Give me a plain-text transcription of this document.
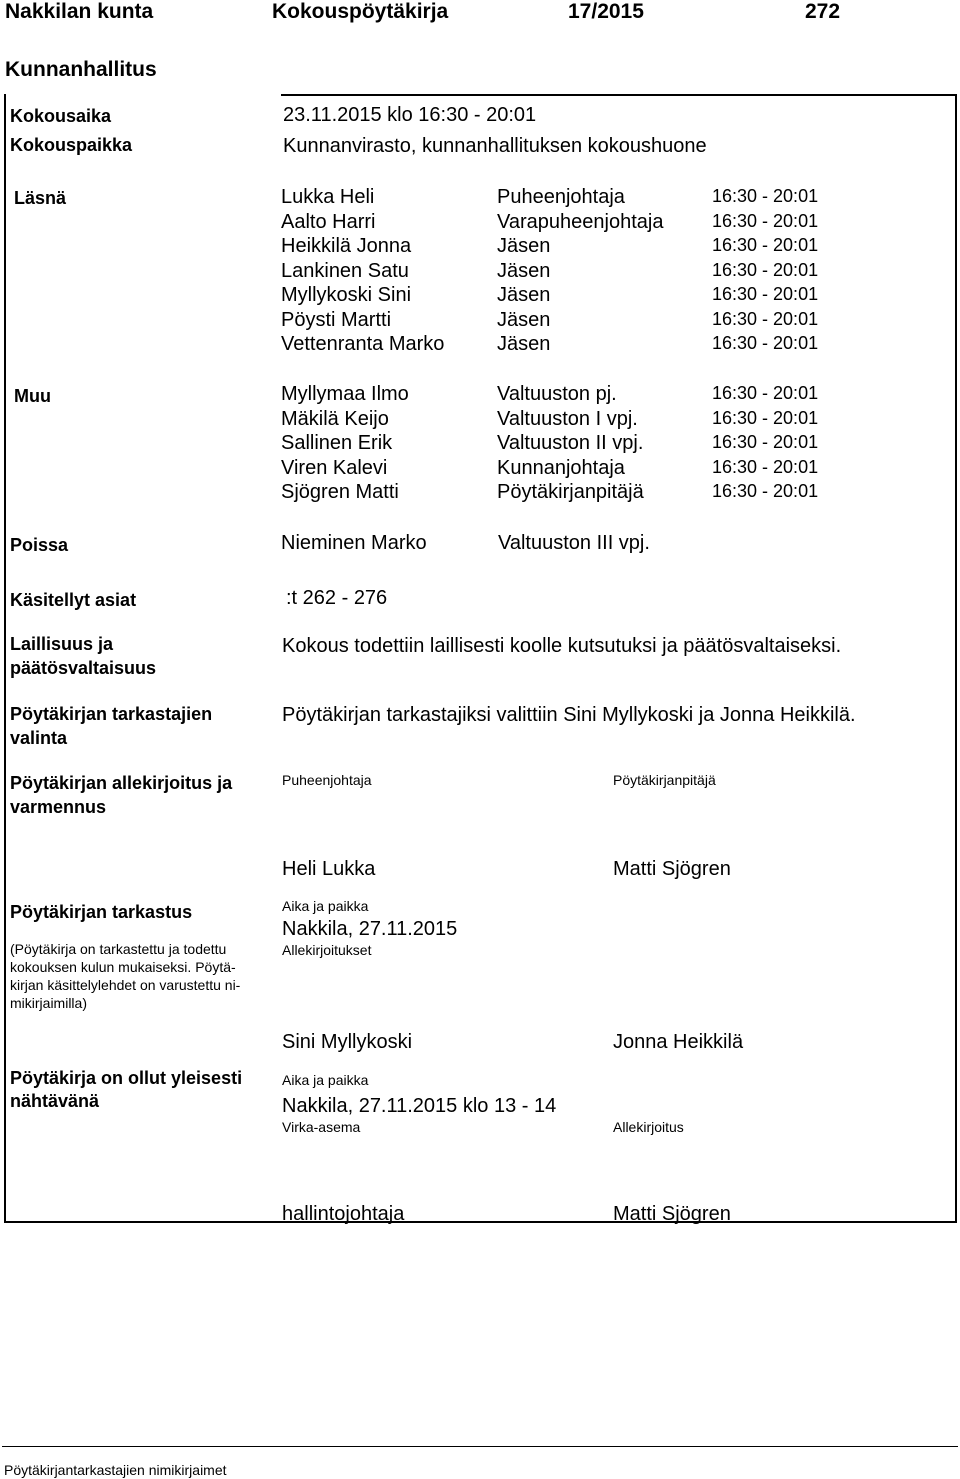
Nakkilan kunta	Kokouspöytäkirja	17/2015	272
Kunnanhallitus
Kokousaika	23.11.2015 klo 16:30 - 20:01
Kokouspaikka	Kunnanvirasto, kunnanhallituksen kokoushuone
Läsnä	Lukka Heli	Puheenjohtaja	16:30 - 20:01
Aalto Harri	Varapuheenjohtaja	16:30 - 20:01
Heikkilä Jonna	Jäsen	16:30 - 20:01
Lankinen Satu	Jäsen	16:30 - 20:01
Myllykoski Sini	Jäsen	16:30 - 20:01
Pöysti Martti	Jäsen	16:30 - 20:01
Vettenranta Marko	Jäsen	16:30 - 20:01
Muu	Myllymaa Ilmo	Valtuuston pj.	16:30 - 20:01
Mäkilä Keijo	Valtuuston I vpj.	16:30 - 20:01
Sallinen Erik	Valtuuston II vpj.	16:30 - 20:01
Viren Kalevi	Kunnanjohtaja	16:30 - 20:01
Sjögren Matti	Pöytäkirjanpitäjä	16:30 - 20:01
Poissa	Nieminen Marko	Valtuuston III vpj.
Käsitellyt asiat	:t 262 - 276
Laillisuus ja
päätösvaltaisuus
Kokous todettiin laillisesti koolle kutsutuksi ja päätösvaltaiseksi.
Pöytäkirjan tarkastajien
valinta
Pöytäkirjan tarkastajiksi valittiin Sini Myllykoski ja Jonna Heikkilä.
Pöytäkirjan allekirjoitus ja
varmennus
Puheenjohtaja	Pöytäkirjanpitäjä
Heli Lukka	Matti Sjögren
Pöytäkirjan tarkastus
(Pöytäkirja on tarkastettu ja todettu
kokouksen kulun mukaiseksi. Pöytä-
kirjan käsittelylehdet on varustettu ni-
mikirjaimilla)
Aika ja paikka
Nakkila, 27.11.2015
Allekirjoitukset
Sini Myllykoski	Jonna Heikkilä
Pöytäkirja on ollut yleisesti
nähtävänä
Aika ja paikka
Nakkila, 27.11.2015 klo 13 - 14
Virka-asema	Allekirjoitus
hallintojohtaja	Matti Sjögren
Pöytäkirjantarkastajien nimikirjaimet
